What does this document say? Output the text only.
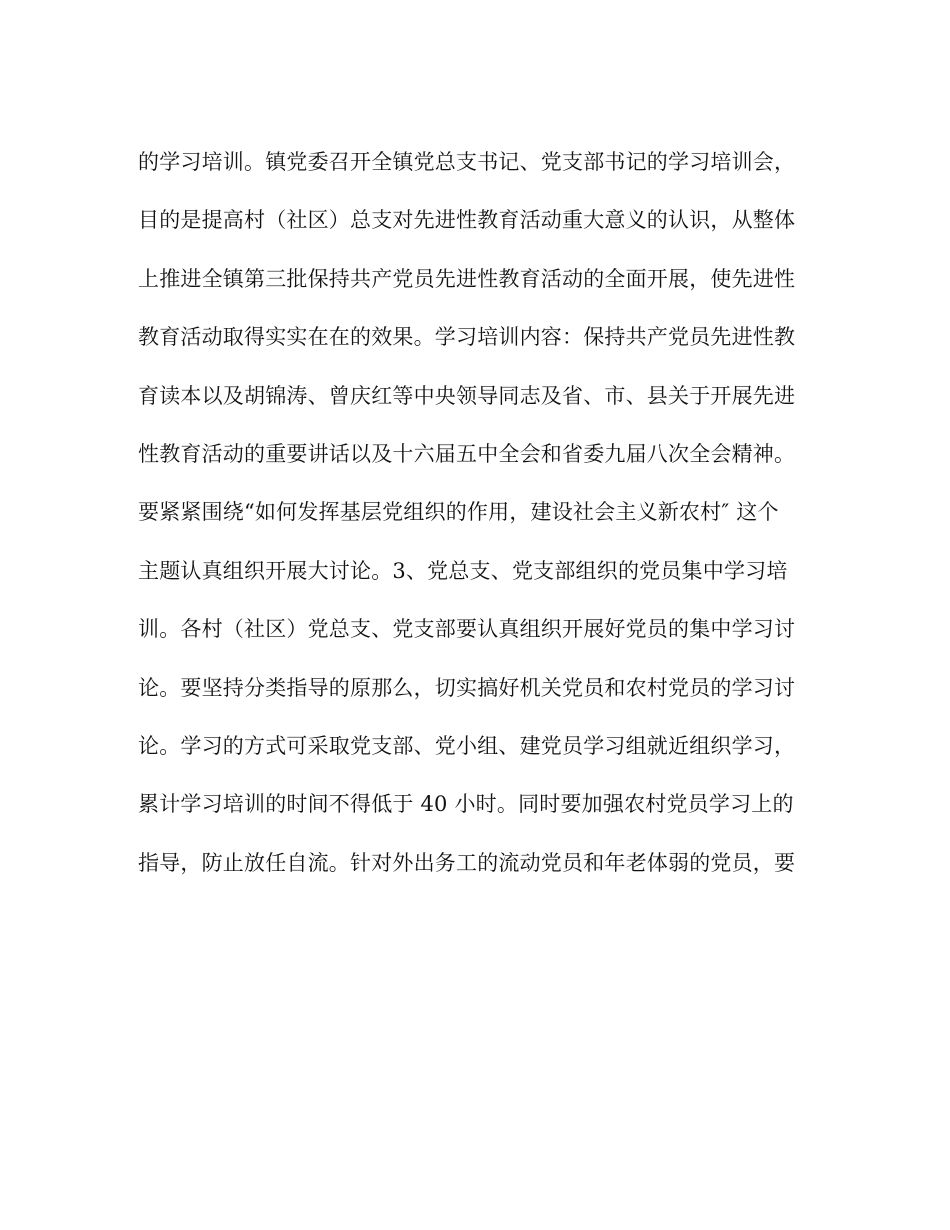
的学习培训。镇党委召开全镇党总支书记、党支部书记的学习培训会，
目的是提高村（社区）总支对先进性教育活动重大意义的认识，从整体
上推进全镇第三批保持共产党员先进性教育活动的全面开展，使先进性
教育活动取得实实在在的效果。学习培训内容：保持共产党员先进性教
育读本以及胡锦涛、曾庆红等中央领导同志及省、市、县关于开展先进
性教育活动的重要讲话以及十六届五中全会和省委九届八次全会精神。
要紧紧围绕“如何发挥基层党组织的作用，建设社会主义新农村″ 这个
主题认真组织开展大讨论。3、党总支、党支部组织的党员集中学习培
训。各村（社区）党总支、党支部要认真组织开展好党员的集中学习讨
论。要坚持分类指导的原那么，切实搞好机关党员和农村党员的学习讨
论。学习的方式可采取党支部、党小组、建党员学习组就近组织学习，
累计学习培训的时间不得低于 40 小时。同时要加强农村党员学习上的
指导，防止放任自流。针对外出务工的流动党员和年老体弱的党员，要
